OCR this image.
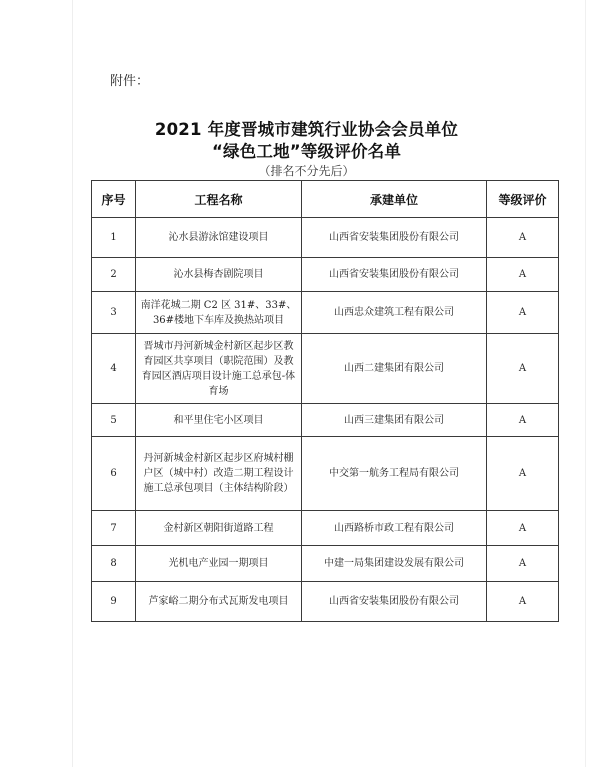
附件：
2021 年度晋城市建筑行业协会会员单位
“绿色工地”等级评价名单
（排名不分先后）
序号	工程名称	承建单位	等级评价
1	沁水县游泳馆建设项目	山西省安装集团股份有限公司	A
2	沁水县梅杏剧院项目	山西省安装集团股份有限公司	A
3	南洋花城二期 C2 区 31#、33#、36#楼地下车库及换热站项目	山西忠众建筑工程有限公司	A
4	晋城市丹河新城金村新区起步区教育园区共享项目（职院范围）及教育园区酒店项目设计施工总承包-体育场	山西二建集团有限公司	A
5	和平里住宅小区项目	山西三建集团有限公司	A
6	丹河新城金村新区起步区府城村棚户区（城中村）改造二期工程设计施工总承包项目（主体结构阶段）	中交第一航务工程局有限公司	A
7	金村新区朝阳街道路工程	山西路桥市政工程有限公司	A
8	光机电产业园一期项目	中建一局集团建设发展有限公司	A
9	芦家峪二期分布式瓦斯发电项目	山西省安装集团股份有限公司	A
